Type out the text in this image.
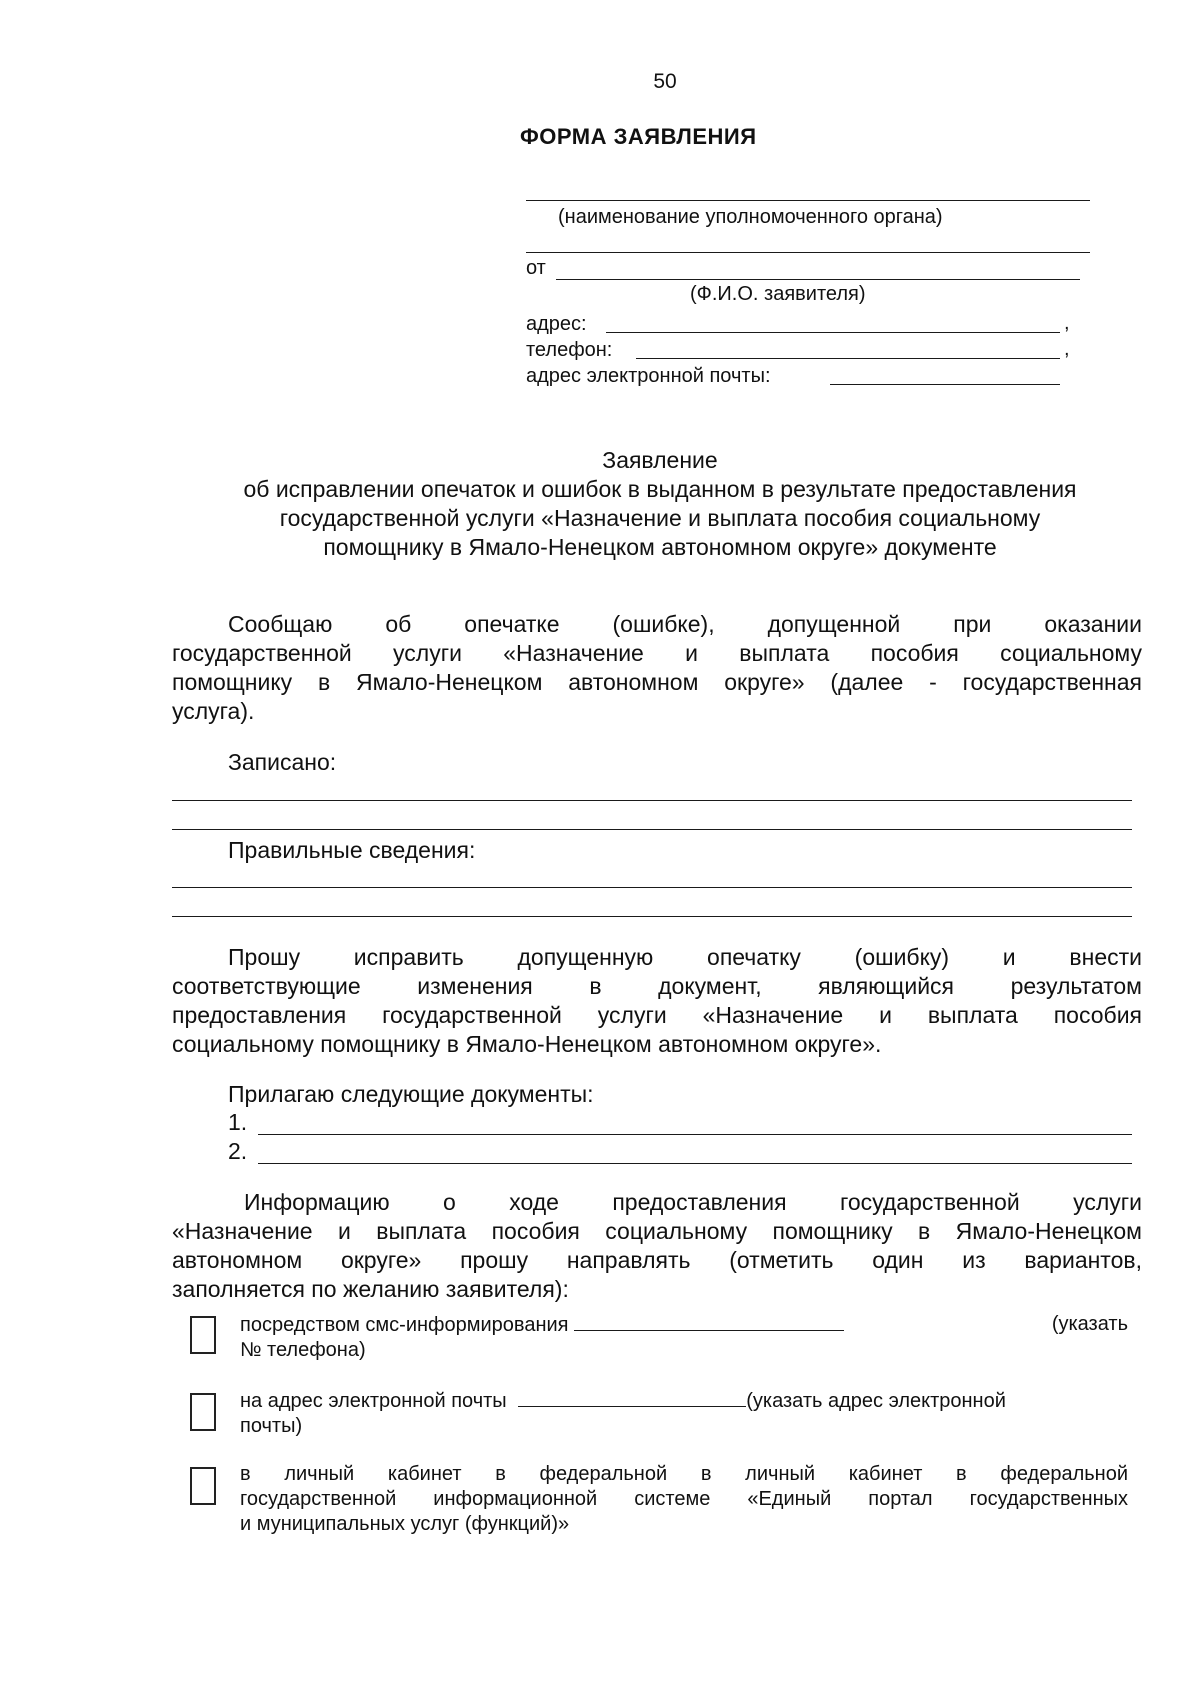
50
ФОРМА ЗАЯВЛЕНИЯ
(наименование уполномоченного органа)
от
(Ф.И.О. заявителя)
адрес:	,
телефон:	,
адрес электронной почты:
Заявление
об исправлении опечаток и ошибок в выданном в результате предоставления
государственной услуги «Назначение и выплата пособия социальному
помощнику в Ямало-Ненецком автономном округе» документе
Сообщаю об опечатке (ошибке), допущенной при оказании
государственной услуги «Назначение и выплата пособия социальному
помощнику в Ямало-Ненецком автономном округе» (далее - государственная
услуга).
Записано:
Правильные сведения:
Прошу исправить допущенную опечатку (ошибку) и внести
соответствующие изменения в документ, являющийся результатом
предоставления государственной услуги «Назначение и выплата пособия
социальному помощнику в Ямало-Ненецком автономном округе».
Прилагаю следующие документы:
1.
2.
Информацию о ходе предоставления государственной услуги
«Назначение и выплата пособия социальному помощнику в Ямало-Ненецком
автономном округе» прошу направлять (отметить один из вариантов,
заполняется по желанию заявителя):
посредством смс-информирования	(указать
№ телефона)
на адрес электронной почты	(указать адрес электронной
почты)
в личный кабинет в федеральной в личный кабинет в федеральной
государственной информационной системе «Единый портал государственных
и муниципальных услуг (функций)»
